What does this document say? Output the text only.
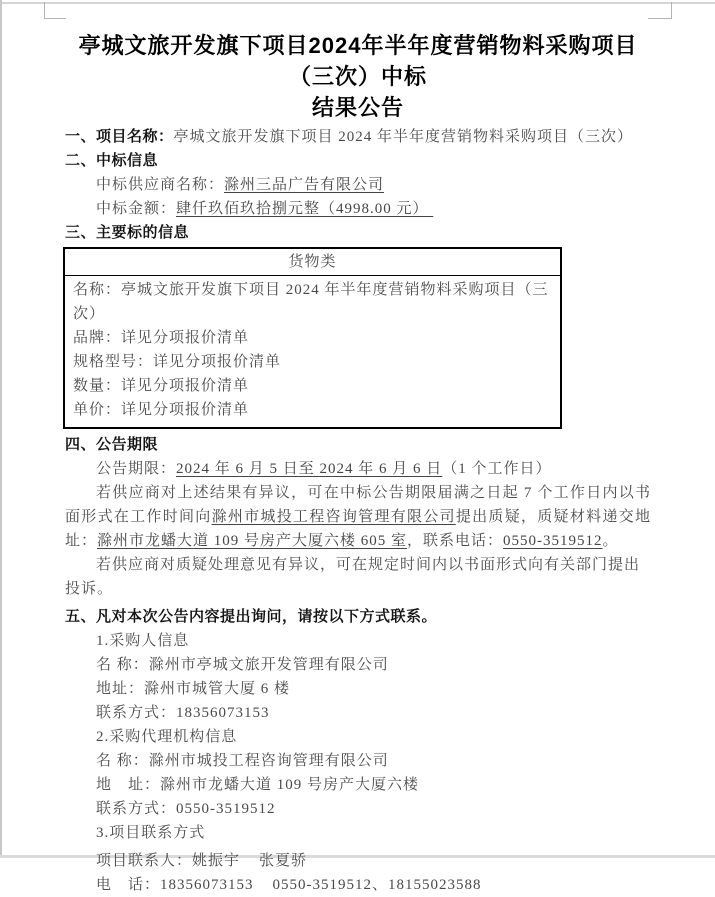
亭城文旅开发旗下项目2024年半年度营销物料采购项目（三次）中标
结果公告

一、项目名称：亭城文旅开发旗下项目 2024 年半年度营销物料采购项目（三次）

二、中标信息

中标供应商名称：滁州三品广告有限公司

中标金额：肆仟玖佰玖拾捌元整（4998.00 元）

三、主要标的信息

货物类
名称：亭城文旅开发旗下项目 2024 年半年度营销物料采购项目（三次）
品牌：详见分项报价清单
规格型号：详见分项报价清单
数量：详见分项报价清单
单价：详见分项报价清单

四、公告期限

公告期限：2024 年 6 月 5 日至 2024 年 6 月 6 日（1 个工作日）

若供应商对上述结果有异议，可在中标公告期限届满之日起 7 个工作日内以书面形式在工作时间向滁州市城投工程咨询管理有限公司提出质疑，质疑材料递交地址：滁州市龙蟠大道 109 号房产大厦六楼 605 室，联系电话：0550-3519512。

若供应商对质疑处理意见有异议，可在规定时间内以书面形式向有关部门提出投诉。

五、凡对本次公告内容提出询问，请按以下方式联系。

1.采购人信息

名 称：滁州市亭城文旅开发管理有限公司

地址：滁州市城管大厦 6 楼

联系方式：18356073153

2.采购代理机构信息

名 称：滁州市城投工程咨询管理有限公司

地　址：滁州市龙蟠大道 109 号房产大厦六楼

联系方式：0550-3519512

3.项目联系方式

项目联系人：姚振宇    张夏骄

电　话：18356073153    0550-3519512、18155023588
